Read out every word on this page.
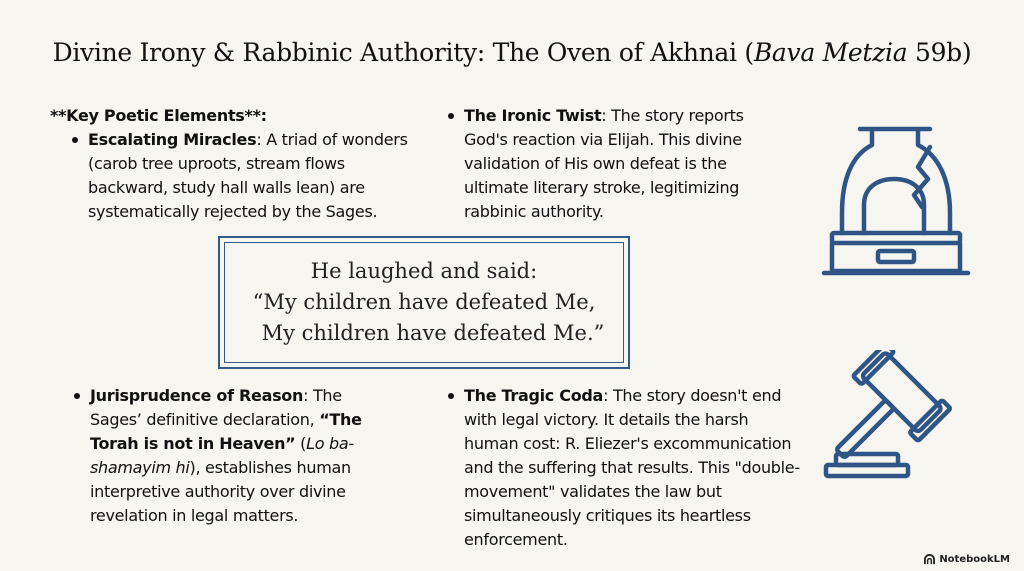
Divine Irony & Rabbinic Authority: The Oven of Akhnai (Bava Metzia 59b)
**Key Poetic Elements**:
Escalating Miracles: A triad of wonders (carob tree uproots, stream flows backward, study hall walls lean) are systematically rejected by the Sages.
The Ironic Twist: The story reports God's reaction via Elijah. This divine validation of His own defeat is the ultimate literary stroke, legitimizing rabbinic authority.
He laughed and said:
“My children have defeated Me,
My children have defeated Me.”
Jurisprudence of Reason: The Sages’ definitive declaration, “The Torah is not in Heaven” (Lo ba-shamayim hi), establishes human interpretive authority over divine revelation in legal matters.
The Tragic Coda: The story doesn't end with legal victory. It details the harsh human cost: R. Eliezer's excommunication and the suffering that results. This "double-movement" validates the law but simultaneously critiques its heartless enforcement.
NotebookLM
